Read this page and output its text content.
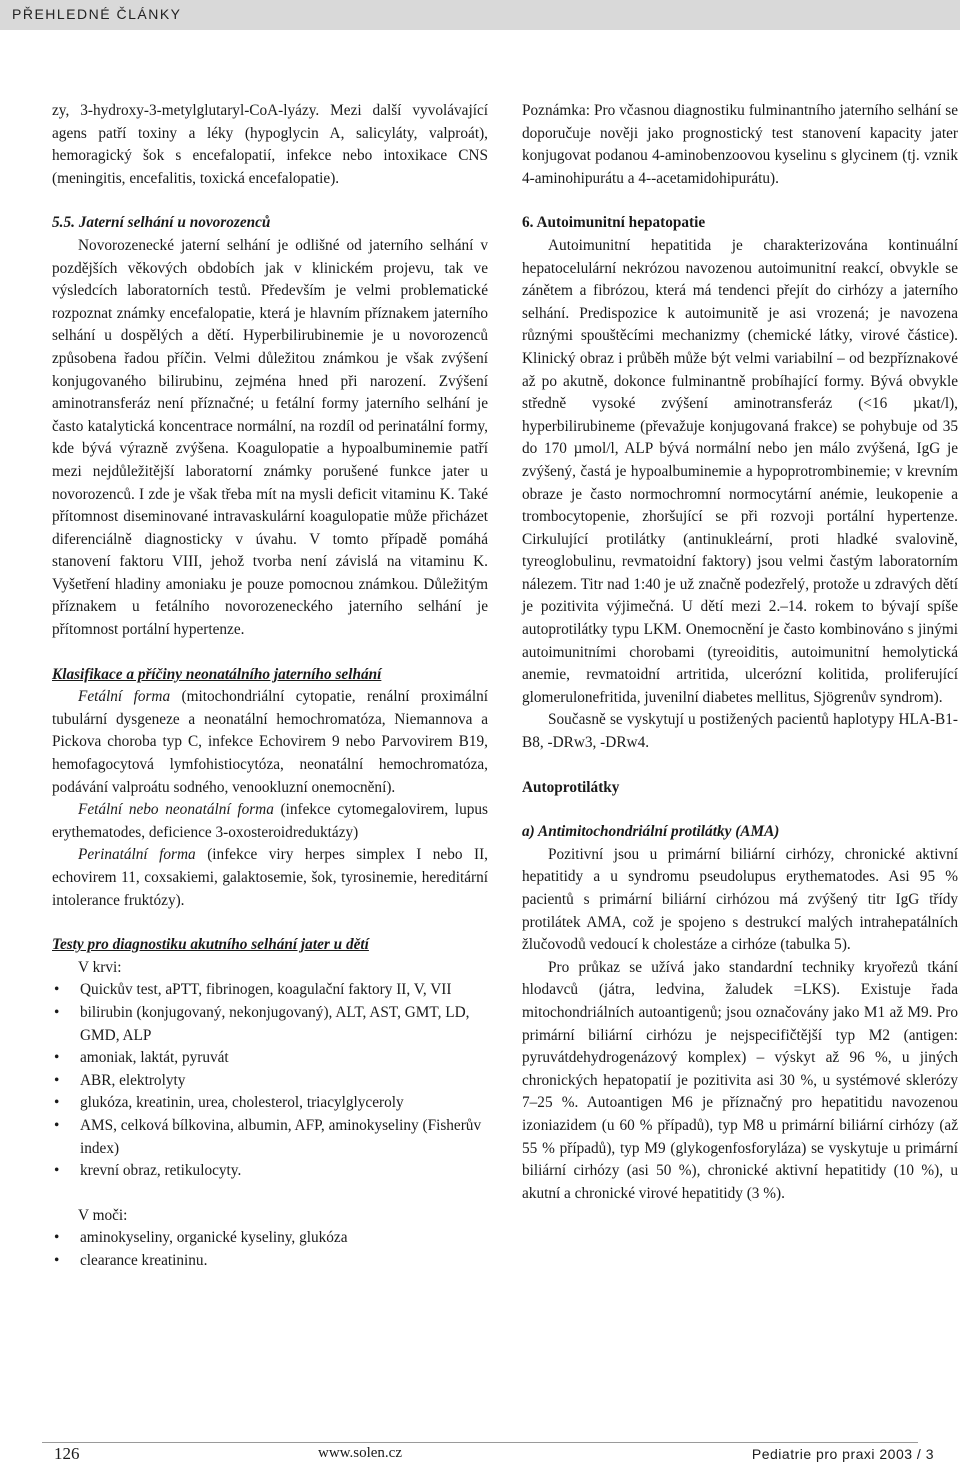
PŘEHLEDNÉ ČLÁNKY

zy, 3-hydroxy-3-metylglutaryl-CoA-lyázy. Mezi další vyvolávající agens patří toxiny a léky (hypoglycin A, salicyláty, valproát), hemoragický šok s encefalopatií, infekce nebo intoxikace CNS (meningitis, encefalitis, toxická encefalopatie).

5.5. Jaterní selhání u novorozenců

Novorozenecké jaterní selhání je odlišné od jaterního selhání v pozdějších věkových obdobích jak v klinickém projevu, tak ve výsledcích laboratorních testů. Především je velmi problematické rozpoznat známky encefalopatie, která je hlavním příznakem jaterního selhání u dospělých a dětí. Hyperbilirubinemie je u novorozenců způsobena řadou příčin. Velmi důležitou známkou je však zvýšení konjugovaného bilirubinu, zejména hned při narození. Zvýšení aminotransferáz není příznačné; u fetální formy jaterního selhání je často katalytická koncentrace normální, na rozdíl od perinatální formy, kde bývá výrazně zvýšena. Koagulopatie a hypoalbuminemie patří mezi nejdůležitější laboratorní známky porušené funkce jater u novorozenců. I zde je však třeba mít na mysli deficit vitaminu K. Také přítomnost diseminované intravaskulární koagulopatie může přicházet diferenciálně diagnosticky v úvahu. V tomto případě pomáhá stanovení faktoru VIII, jehož tvorba není závislá na vitaminu K. Vyšetření hladiny amoniaku je pouze pomocnou známkou. Důležitým příznakem u fetálního novorozeneckého jaterního selhání je přítomnost portální hypertenze.

Klasifikace a příčiny neonatálního jaterního selhání

Fetální forma (mitochondriální cytopatie, renální proximální tubulární dysgeneze a neonatální hemochromatóza, Niemannova a Pickova choroba typ C, infekce Echovirem 9 nebo Parvovirem B19, hemofagocytová lymfohistiocytóza, neonatální hemochromatóza, podávání valproátu sodného, venookluzní onemocnění).

Fetální nebo neonatální forma (infekce cytomegalovirem, lupus erythematodes, deficience 3-oxosteroidreduktázy)

Perinatální forma (infekce viry herpes simplex I nebo II, echovirem 11, coxsakiemi, galaktosemie, šok, tyrosinemie, hereditární intolerance fruktózy).

Testy pro diagnostiku akutního selhání jater u dětí

V krvi:

• Quickův test, aPTT, fibrinogen, koagulační faktory II, V, VII
• bilirubin (konjugovaný, nekonjugovaný), ALT, AST, GMT, LD, GMD, ALP
• amoniak, laktát, pyruvát
• ABR, elektrolyty
• glukóza, kreatinin, urea, cholesterol, triacylglyceroly
• AMS, celková bílkovina, albumin, AFP, aminokyseliny (Fisherův index)
• krevní obraz, retikulocyty.

V moči:

• aminokyseliny, organické kyseliny, glukóza
• clearance kreatininu.

Poznámka: Pro včasnou diagnostiku fulminantního jaterního selhání se doporučuje nověji jako prognostický test stanovení kapacity jater konjugovat podanou 4-aminobenzoovou kyselinu s glycinem (tj. vznik 4-aminohipurátu a 4--acetamidohipurátu).

6. Autoimunitní hepatopatie

Autoimunitní hepatitida je charakterizována kontinuální hepatocelulární nekrózou navozenou autoimunitní reakcí, obvykle se zánětem a fibrózou, která má tendenci přejít do cirhózy a jaterního selhání. Predispozice k autoimunitě je asi vrozená; je navozena různými spouštěcími mechanizmy (chemické látky, virové částice). Klinický obraz i průběh může být velmi variabilní – od bezpříznakové až po akutně, dokonce fulminantně probíhající formy. Bývá obvykle středně vysoké zvýšení aminotransferáz (<16 µkat/l), hyperbilirubineme (převažuje konjugovaná frakce) se pohybuje od 35 do 170 µmol/l, ALP bývá normální nebo jen málo zvýšená, IgG je zvýšený, častá je hypoalbuminemie a hypoprotrombinemie; v krevním obraze je často normochromní normocytární anémie, leukopenie a trombocytopenie, zhoršující se při rozvoji portální hypertenze. Cirkulující protilátky (antinukleární, proti hladké svalovině, tyreoglobulinu, revmatoidní faktory) jsou velmi častým laboratorním nálezem. Titr nad 1:40 je už značně podezřelý, protože u zdravých dětí je pozitivita výjimečná. U dětí mezi 2.–14. rokem to bývají spíše autoprotilátky typu LKM. Onemocnění je často kombinováno s jinými autoimunitními chorobami (tyreoiditis, autoimunitní hemolytická anemie, revmatoidní artritida, ulcerózní kolitida, proliferující glomerulonefritida, juvenilní diabetes mellitus, Sjögrenův syndrom).

Současně se vyskytují u postižených pacientů haplotypy HLA-B1-B8, -DRw3, -DRw4.

Autoprotilátky

a) Antimitochondriální protilátky (AMA)

Pozitivní jsou u primární biliární cirhózy, chronické aktivní hepatitidy a u syndromu pseudolupus erythematodes. Asi 95 % pacientů s primární biliární cirhózou má zvýšený titr IgG třídy protilátek AMA, což je spojeno s destrukcí malých intrahepatálních žlučovodů vedoucí k cholestáze a cirhóze (tabulka 5).

Pro průkaz se užívá jako standardní techniky kryořezů tkání hlodavců (játra, ledvina, žaludek =LKS). Existuje řada mitochondriálních autoantigenů; jsou označovány jako M1 až M9. Pro primární biliární cirhózu je nejspecifičtější typ M2 (antigen: pyruvátdehydrogenázový komplex) – výskyt až 96 %, u jiných chronických hepatopatií je pozitivita asi 30 %, u systémové sklerózy 7–25 %. Autoantigen M6 je příznačný pro hepatitidu navozenou izoniazidem (u 60 % případů), typ M8 u primární biliární cirhózy (až 55 % případů), typ M9 (glykogenfosforyláza) se vyskytuje u primární biliární cirhózy (asi 50 %), chronické aktivní hepatitidy (10 %), u akutní a chronické virové hepatitidy (3 %).

126	www.solen.cz	Pediatrie pro praxi 2003 / 3
